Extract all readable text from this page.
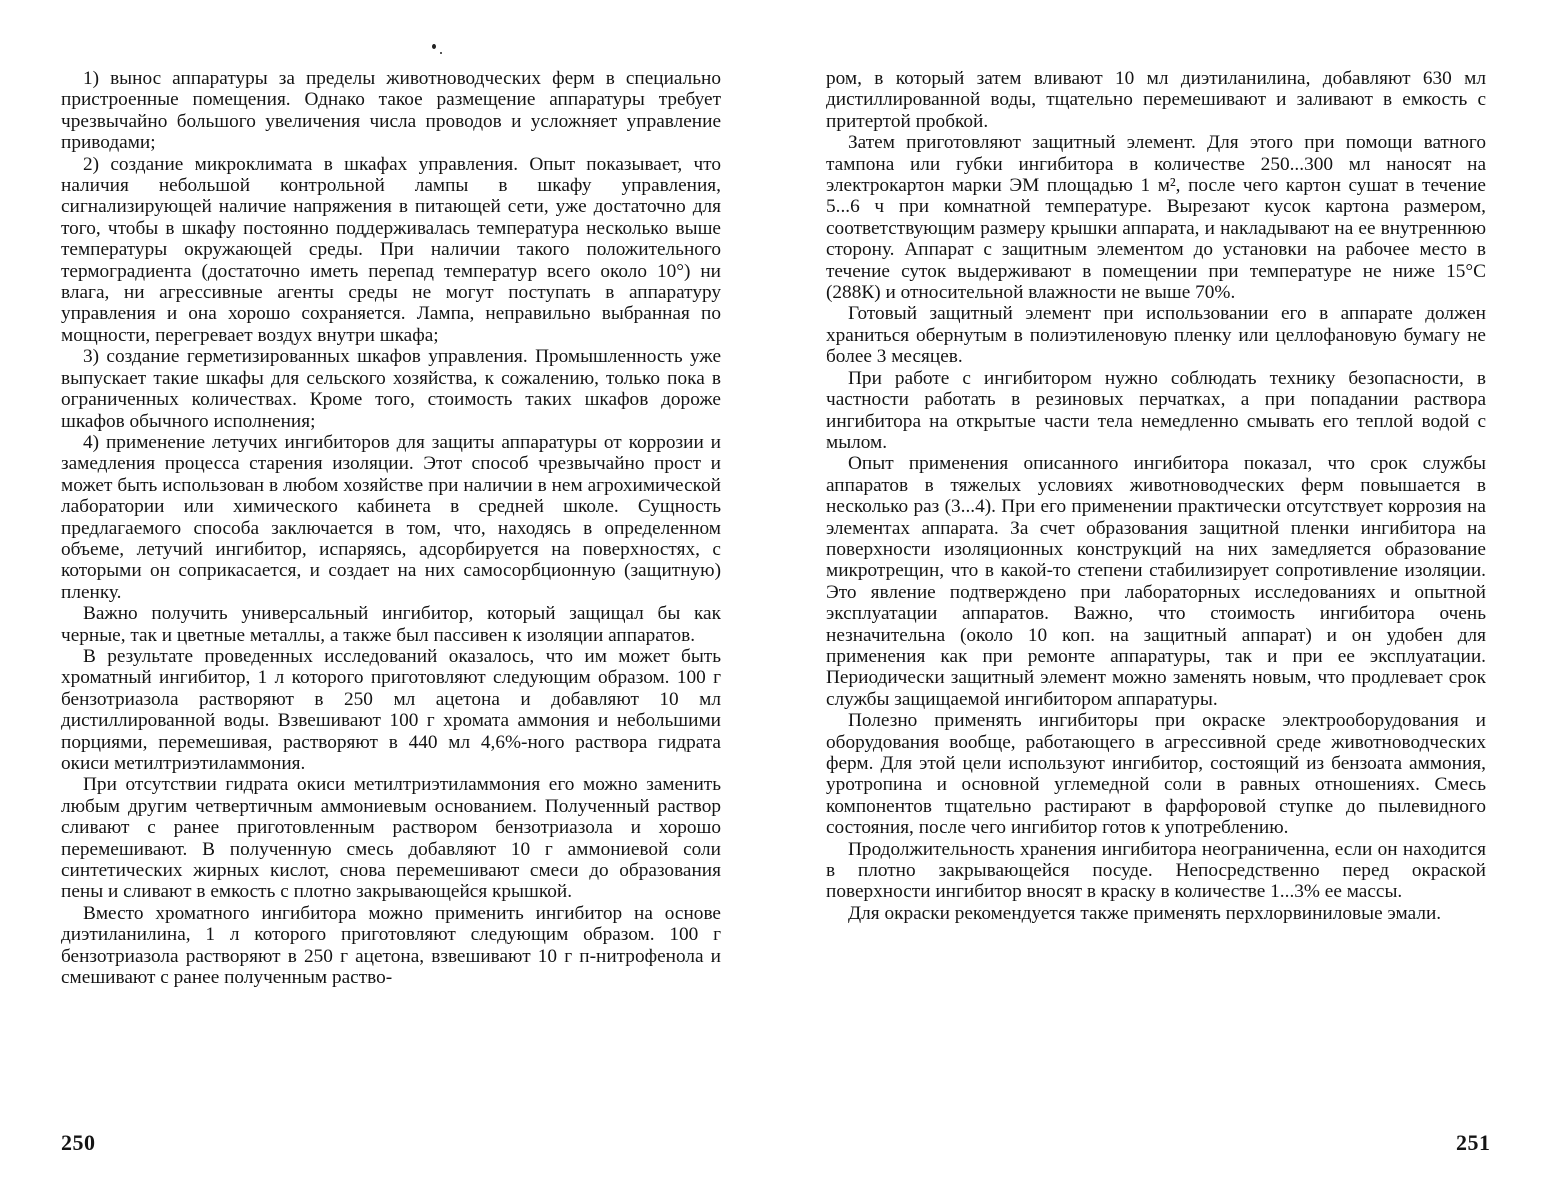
1) вынос аппаратуры за пределы животноводческих ферм в специально пристроенные помещения. Однако такое размещение аппаратуры требует чрезвычайно большого увеличения числа проводов и усложняет управление приводами;

2) создание микроклимата в шкафах управления. Опыт показывает, что наличия небольшой контрольной лампы в шкафу управления, сигнализирующей наличие напряжения в питающей сети, уже достаточно для того, чтобы в шкафу постоянно поддерживалась температура несколько выше температуры окружающей среды. При наличии такого положительного термоградиента (достаточно иметь перепад температур всего около 10°) ни влага, ни агрессивные агенты среды не могут поступать в аппаратуру управления и она хорошо сохраняется. Лампа, неправильно выбранная по мощности, перегревает воздух внутри шкафа;

3) создание герметизированных шкафов управления. Промышленность уже выпускает такие шкафы для сельского хозяйства, к сожалению, только пока в ограниченных количествах. Кроме того, стоимость таких шкафов дороже шкафов обычного исполнения;

4) применение летучих ингибиторов для защиты аппаратуры от коррозии и замедления процесса старения изоляции. Этот способ чрезвычайно прост и может быть использован в любом хозяйстве при наличии в нем агрохимической лаборатории или химического кабинета в средней школе. Сущность предлагаемого способа заключается в том, что, находясь в определенном объеме, летучий ингибитор, испаряясь, адсорбируется на поверхностях, с которыми он соприкасается, и создает на них самосорбционную (защитную) пленку.

Важно получить универсальный ингибитор, который защищал бы как черные, так и цветные металлы, а также был пассивен к изоляции аппаратов.

В результате проведенных исследований оказалось, что им может быть хроматный ингибитор, 1 л которого приготовляют следующим образом. 100 г бензотриазола растворяют в 250 мл ацетона и добавляют 10 мл дистиллированной воды. Взвешивают 100 г хромата аммония и небольшими порциями, перемешивая, растворяют в 440 мл 4,6%-ного раствора гидрата окиси метилтриэтиламмония.

При отсутствии гидрата окиси метилтриэтиламмония его можно заменить любым другим четвертичным аммониевым основанием. Полученный раствор сливают с ранее приготовленным раствором бензотриазола и хорошо перемешивают. В полученную смесь добавляют 10 г аммониевой соли синтетических жирных кислот, снова перемешивают смеси до образования пены и сливают в емкость с плотно закрывающейся крышкой.

Вместо хроматного ингибитора можно применить ингибитор на основе диэтиланилина, 1 л которого приготовляют следующим образом. 100 г бензотриазола растворяют в 250 г ацетона, взвешивают 10 г п-нитрофенола и смешивают с ранее полученным раство-

250

ром, в который затем вливают 10 мл диэтиланилина, добавляют 630 мл дистиллированной воды, тщательно перемешивают и заливают в емкость с притертой пробкой.

Затем приготовляют защитный элемент. Для этого при помощи ватного тампона или губки ингибитора в количестве 250...300 мл наносят на электрокартон марки ЭМ площадью 1 м², после чего картон сушат в течение 5...6 ч при комнатной температуре. Вырезают кусок картона размером, соответствующим размеру крышки аппарата, и накладывают на ее внутреннюю сторону. Аппарат с защитным элементом до установки на рабочее место в течение суток выдерживают в помещении при температуре не ниже 15°С (288К) и относительной влажности не выше 70%.

Готовый защитный элемент при использовании его в аппарате должен храниться обернутым в полиэтиленовую пленку или целлофановую бумагу не более 3 месяцев.

При работе с ингибитором нужно соблюдать технику безопасности, в частности работать в резиновых перчатках, а при попадании раствора ингибитора на открытые части тела немедленно смывать его теплой водой с мылом.

Опыт применения описанного ингибитора показал, что срок службы аппаратов в тяжелых условиях животноводческих ферм повышается в несколько раз (3...4). При его применении практически отсутствует коррозия на элементах аппарата. За счет образования защитной пленки ингибитора на поверхности изоляционных конструкций на них замедляется образование микротрещин, что в какой-то степени стабилизирует сопротивление изоляции. Это явление подтверждено при лабораторных исследованиях и опытной эксплуатации аппаратов. Важно, что стоимость ингибитора очень незначительна (около 10 коп. на защитный аппарат) и он удобен для применения как при ремонте аппаратуры, так и при ее эксплуатации. Периодически защитный элемент можно заменять новым, что продлевает срок службы защищаемой ингибитором аппаратуры.

Полезно применять ингибиторы при окраске электрооборудования и оборудования вообще, работающего в агрессивной среде животноводческих ферм. Для этой цели используют ингибитор, состоящий из бензоата аммония, уротропина и основной углемедной соли в равных отношениях. Смесь компонентов тщательно растирают в фарфоровой ступке до пылевидного состояния, после чего ингибитор готов к употреблению.

Продолжительность хранения ингибитора неограниченна, если он находится в плотно закрывающейся посуде. Непосредственно перед окраской поверхности ингибитор вносят в краску в количестве 1...3% ее массы.

Для окраски рекомендуется также применять перхлорвиниловые эмали.

251
